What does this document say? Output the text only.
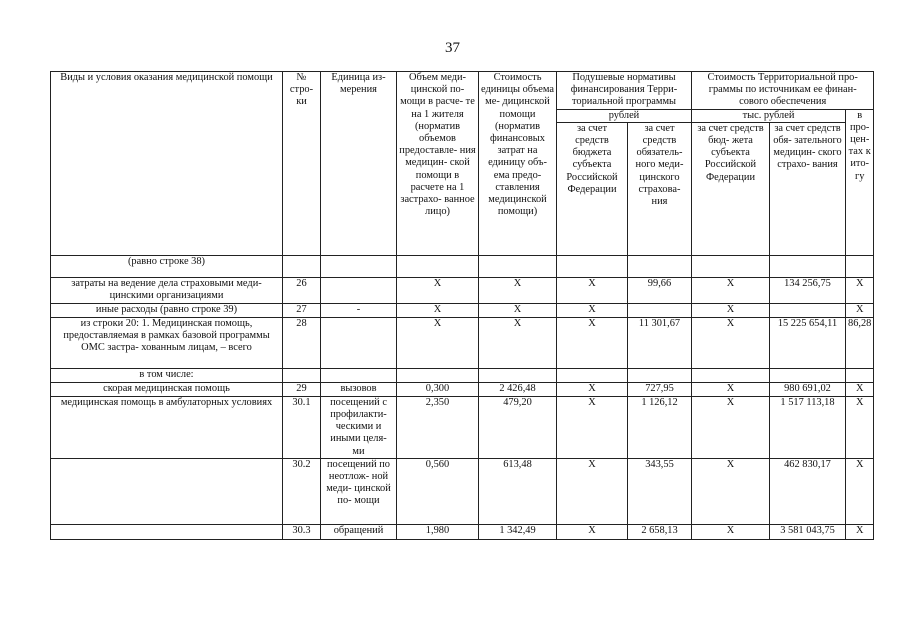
37
Виды и условия оказания медицинской помощи	№ стро- ки	Единица из- мерения	Объем меди- цинской по- мощи в расче- те на 1 жителя (норматив объемов предоставле- ния медицин- ской помощи в расчете на 1 застрахо- ванное лицо)	Стоимость единицы объема ме- дицинской помощи (норматив финансовых затрат на единицу объ- ема предо- ставления медицинской помощи)	Подушевые нормативы финансирования Терри- ториальной программы		Стоимость Территориальной про- граммы по источникам ее финан- сового обеспечения		
					рублей		тыс. рублей		в про- цен- тах к ито- гу
					за счет средств бюджета субъекта Российской Федерации	за счет средств обязатель- ного меди- цинского страхова- ния	за счет средств бюд- жета субъекта Российской Федерации	за счет средств обя- зательного медицин- ского страхо- вания	
(равно строке 38)									
затраты на ведение дела страховыми меди- цинскими организациями	26		X	X	X	99,66	X	134 256,75	X
иные расходы (равно строке 39)	27	-	X	X	X		X		X
из строки 20: 1. Медицинская помощь, предоставляемая в рамках базовой программы ОМС застра- хованным лицам, – всего	28		X	X	X	11 301,67	X	15 225 654,11	86,28
в том числе:									
скорая медицинская помощь	29	вызовов	0,300	2 426,48	X	727,95	X	980 691,02	X
медицинская помощь в амбулаторных условиях	30.1	посещений с профилакти- ческими и иными целя- ми	2,350	479,20	X	1 126,12	X	1 517 113,18	X
	30.2	посещений по неотлож- ной меди- цинской по- мощи	0,560	613,48	X	343,55	X	462 830,17	X
	30.3	обращений	1,980	1 342,49	X	2 658,13	X	3 581 043,75	X
